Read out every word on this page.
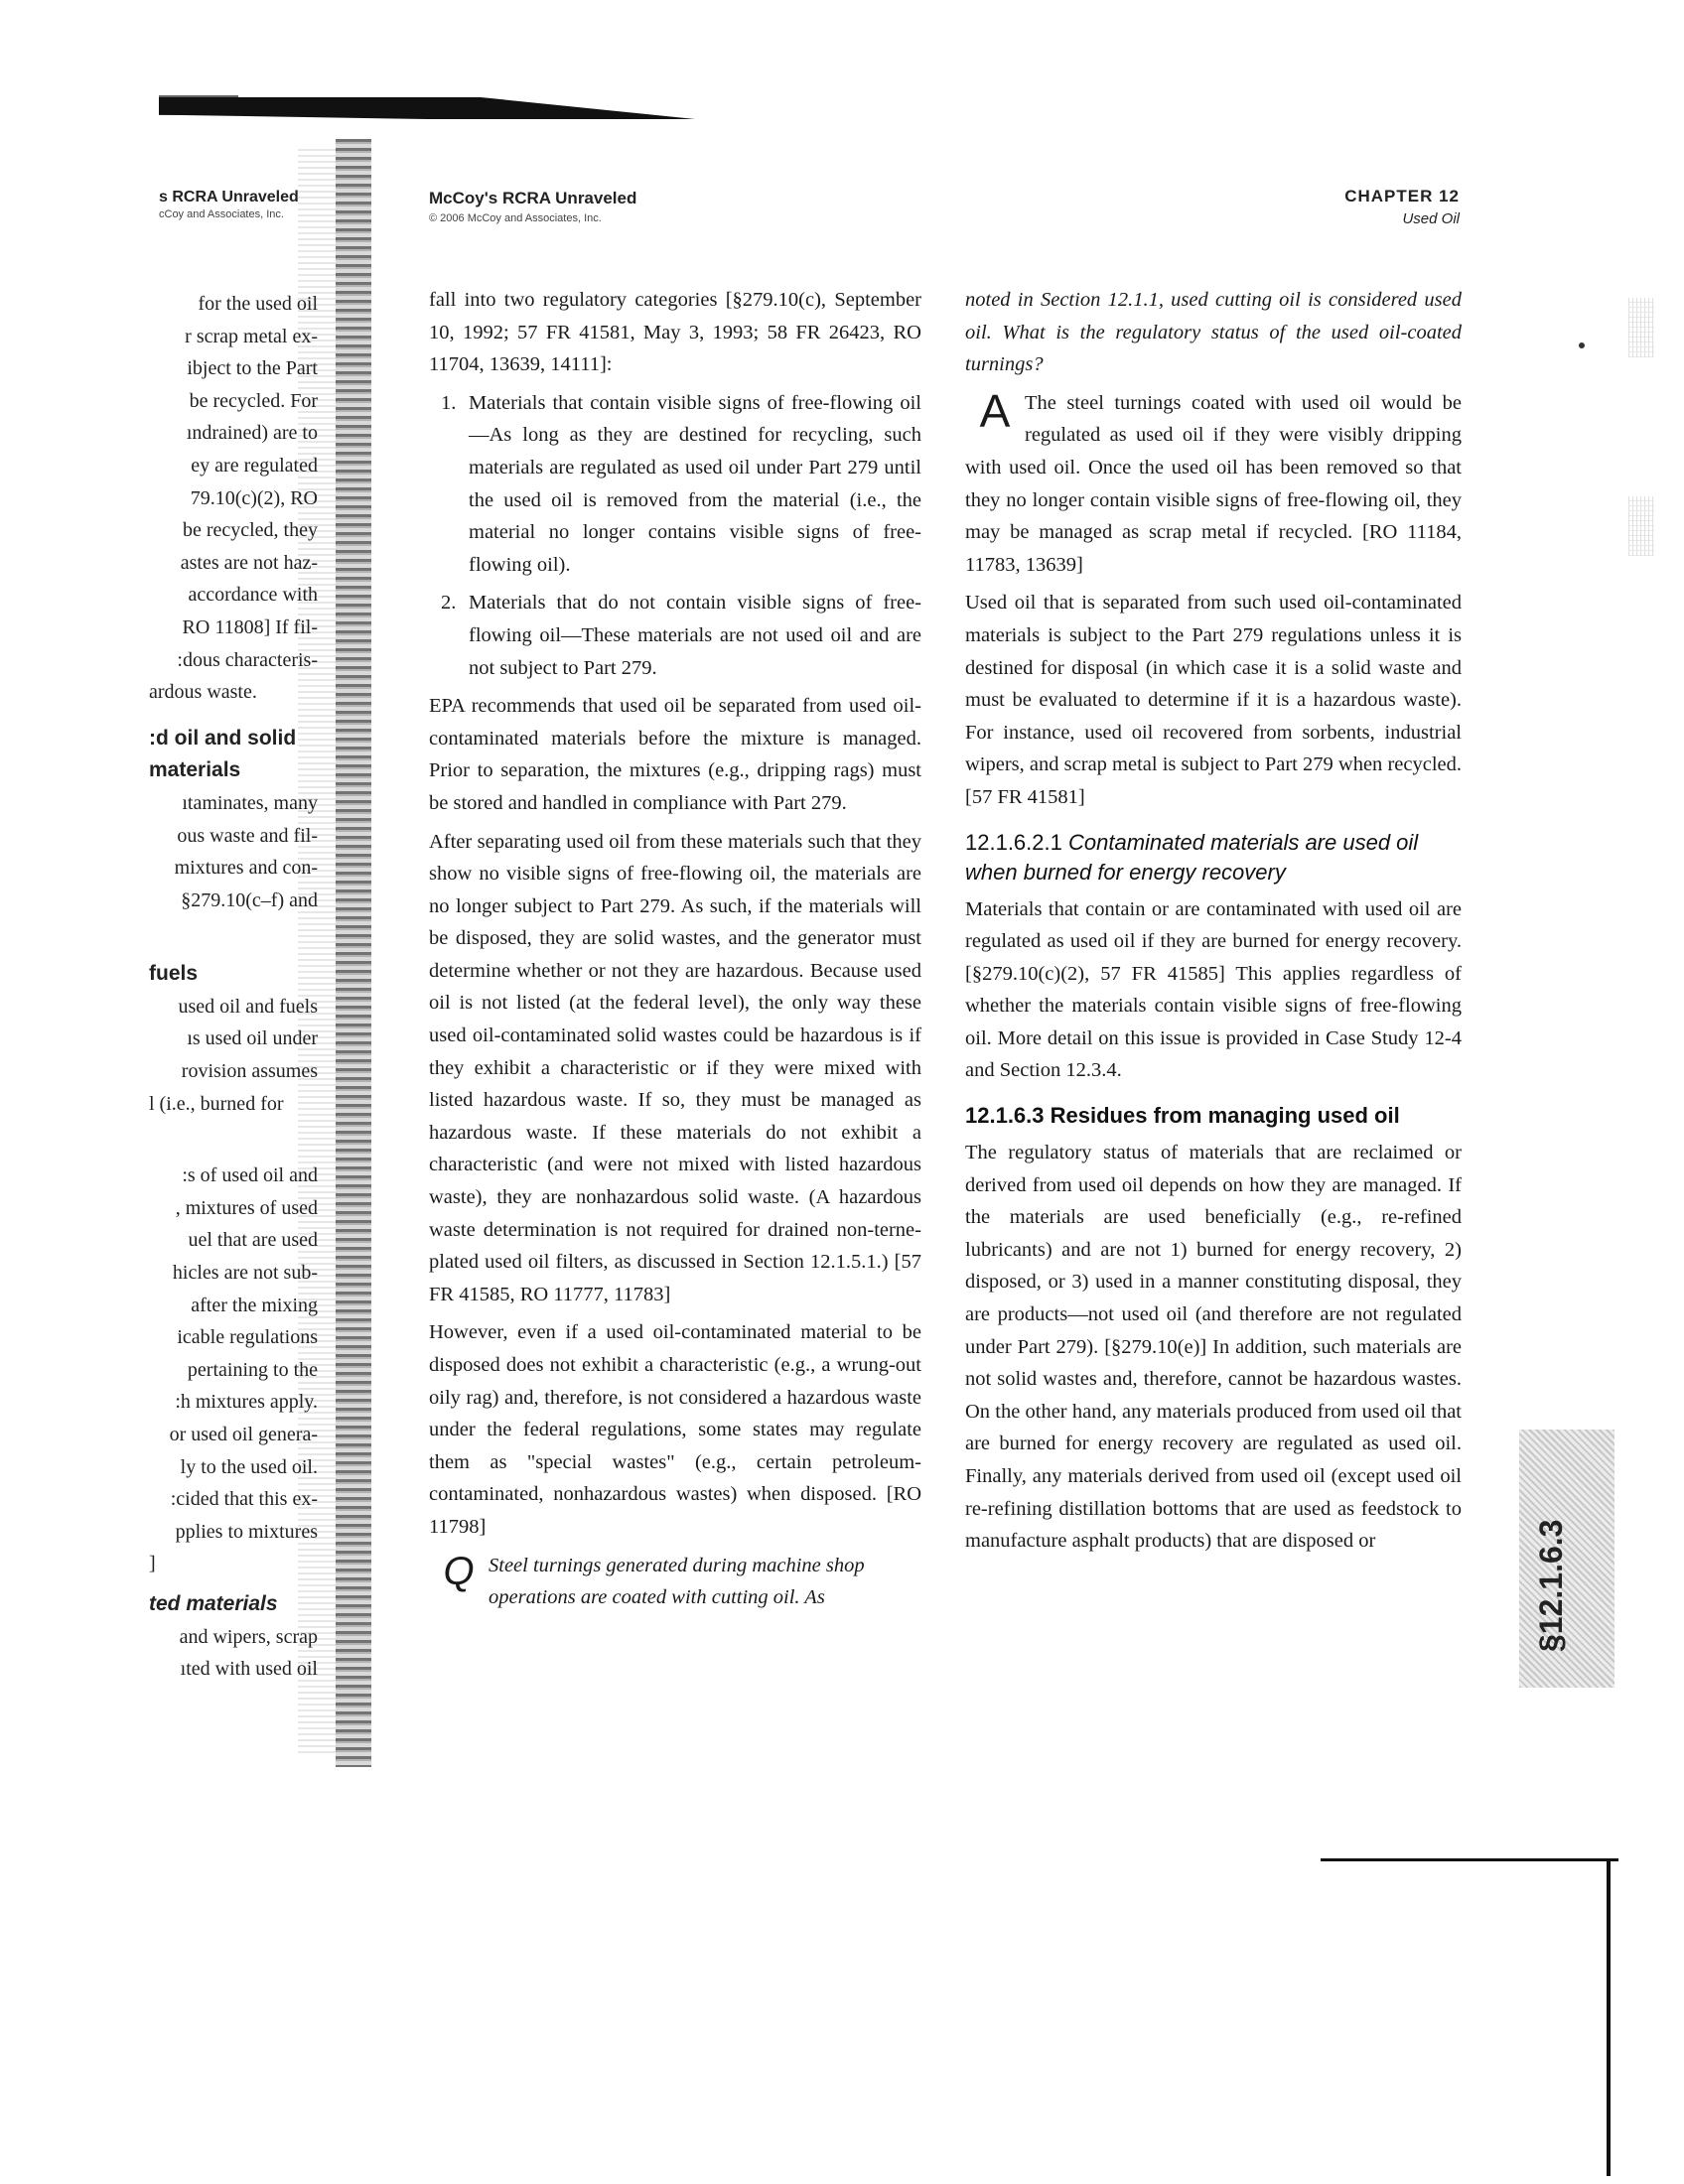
s RCRA Unraveled
cCoy and Associates, Inc.
for the used oil
r scrap metal ex-
ibject to the Part
be recycled. For
ındrained) are to
ey are regulated
79.10(c)(2), RO
be recycled, they
astes are not haz-
accordance with
RO 11808] If fil-
:dous characteris-
ardous waste.
:d oil and solid
materials
ıtaminates, many
ous waste and fil-
mixtures and con-
§279.10(c–f) and
fuels
used oil and fuels
ıs used oil under
rovision assumes
l (i.e., burned for
:s of used oil and
, mixtures of used
uel that are used
hicles are not sub-
after the mixing
icable regulations
pertaining to the
:h mixtures apply.
or used oil genera-
ly to the used oil.
:cided that this ex-
pplies to mixtures
]
ted materials
and wipers, scrap
ıted with used oil
McCoy's RCRA Unraveled
© 2006 McCoy and Associates, Inc.

fall into two regulatory categories [§279.10(c), September 10, 1992; 57 FR 41581, May 3, 1993; 58 FR 26423, RO 11704, 13639, 14111]:

1. Materials that contain visible signs of free-flowing oil—As long as they are destined for recycling, such materials are regulated as used oil under Part 279 until the used oil is removed from the material (i.e., the material no longer contains visible signs of free-flowing oil).
2. Materials that do not contain visible signs of free-flowing oil—These materials are not used oil and are not subject to Part 279.

EPA recommends that used oil be separated from used oil-contaminated materials before the mixture is managed. Prior to separation, the mixtures (e.g., dripping rags) must be stored and handled in compliance with Part 279.

After separating used oil from these materials such that they show no visible signs of free-flowing oil, the materials are no longer subject to Part 279. As such, if the materials will be disposed, they are solid wastes, and the generator must determine whether or not they are hazardous. Because used oil is not listed (at the federal level), the only way these used oil-contaminated solid wastes could be hazardous is if they exhibit a characteristic or if they were mixed with listed hazardous waste. If so, they must be managed as hazardous waste. If these materials do not exhibit a characteristic (and were not mixed with listed hazardous waste), they are nonhazardous solid waste. (A hazardous waste determination is not required for drained non-terne-plated used oil filters, as discussed in Section 12.1.5.1.) [57 FR 41585, RO 11777, 11783]

However, even if a used oil-contaminated material to be disposed does not exhibit a characteristic (e.g., a wrung-out oily rag) and, therefore, is not considered a hazardous waste under the federal regulations, some states may regulate them as "special wastes" (e.g., certain petroleum-contaminated, nonhazardous wastes) when disposed. [RO 11798]

Q Steel turnings generated during machine shop operations are coated with cutting oil. As
CHAPTER 12
Used Oil

noted in Section 12.1.1, used cutting oil is considered used oil. What is the regulatory status of the used oil-coated turnings?

A The steel turnings coated with used oil would be regulated as used oil if they were visibly dripping with used oil. Once the used oil has been removed so that they no longer contain visible signs of free-flowing oil, they may be managed as scrap metal if recycled. [RO 11184, 11783, 13639]

Used oil that is separated from such used oil-contaminated materials is subject to the Part 279 regulations unless it is destined for disposal (in which case it is a solid waste and must be evaluated to determine if it is a hazardous waste). For instance, used oil recovered from sorbents, industrial wipers, and scrap metal is subject to Part 279 when recycled. [57 FR 41581]

12.1.6.2.1 Contaminated materials are used oil when burned for energy recovery

Materials that contain or are contaminated with used oil are regulated as used oil if they are burned for energy recovery. [§279.10(c)(2), 57 FR 41585] This applies regardless of whether the materials contain visible signs of free-flowing oil. More detail on this issue is provided in Case Study 12-4 and Section 12.3.4.

12.1.6.3 Residues from managing used oil

The regulatory status of materials that are reclaimed or derived from used oil depends on how they are managed. If the materials are used beneficially (e.g., re-refined lubricants) and are not 1) burned for energy recovery, 2) disposed, or 3) used in a manner constituting disposal, they are products—not used oil (and therefore are not regulated under Part 279). [§279.10(e)] In addition, such materials are not solid wastes and, therefore, cannot be hazardous wastes. On the other hand, any materials produced from used oil that are burned for energy recovery are regulated as used oil. Finally, any materials derived from used oil (except used oil re-refining distillation bottoms that are used as feedstock to manufacture asphalt products) that are disposed or	§12.1.6.3
